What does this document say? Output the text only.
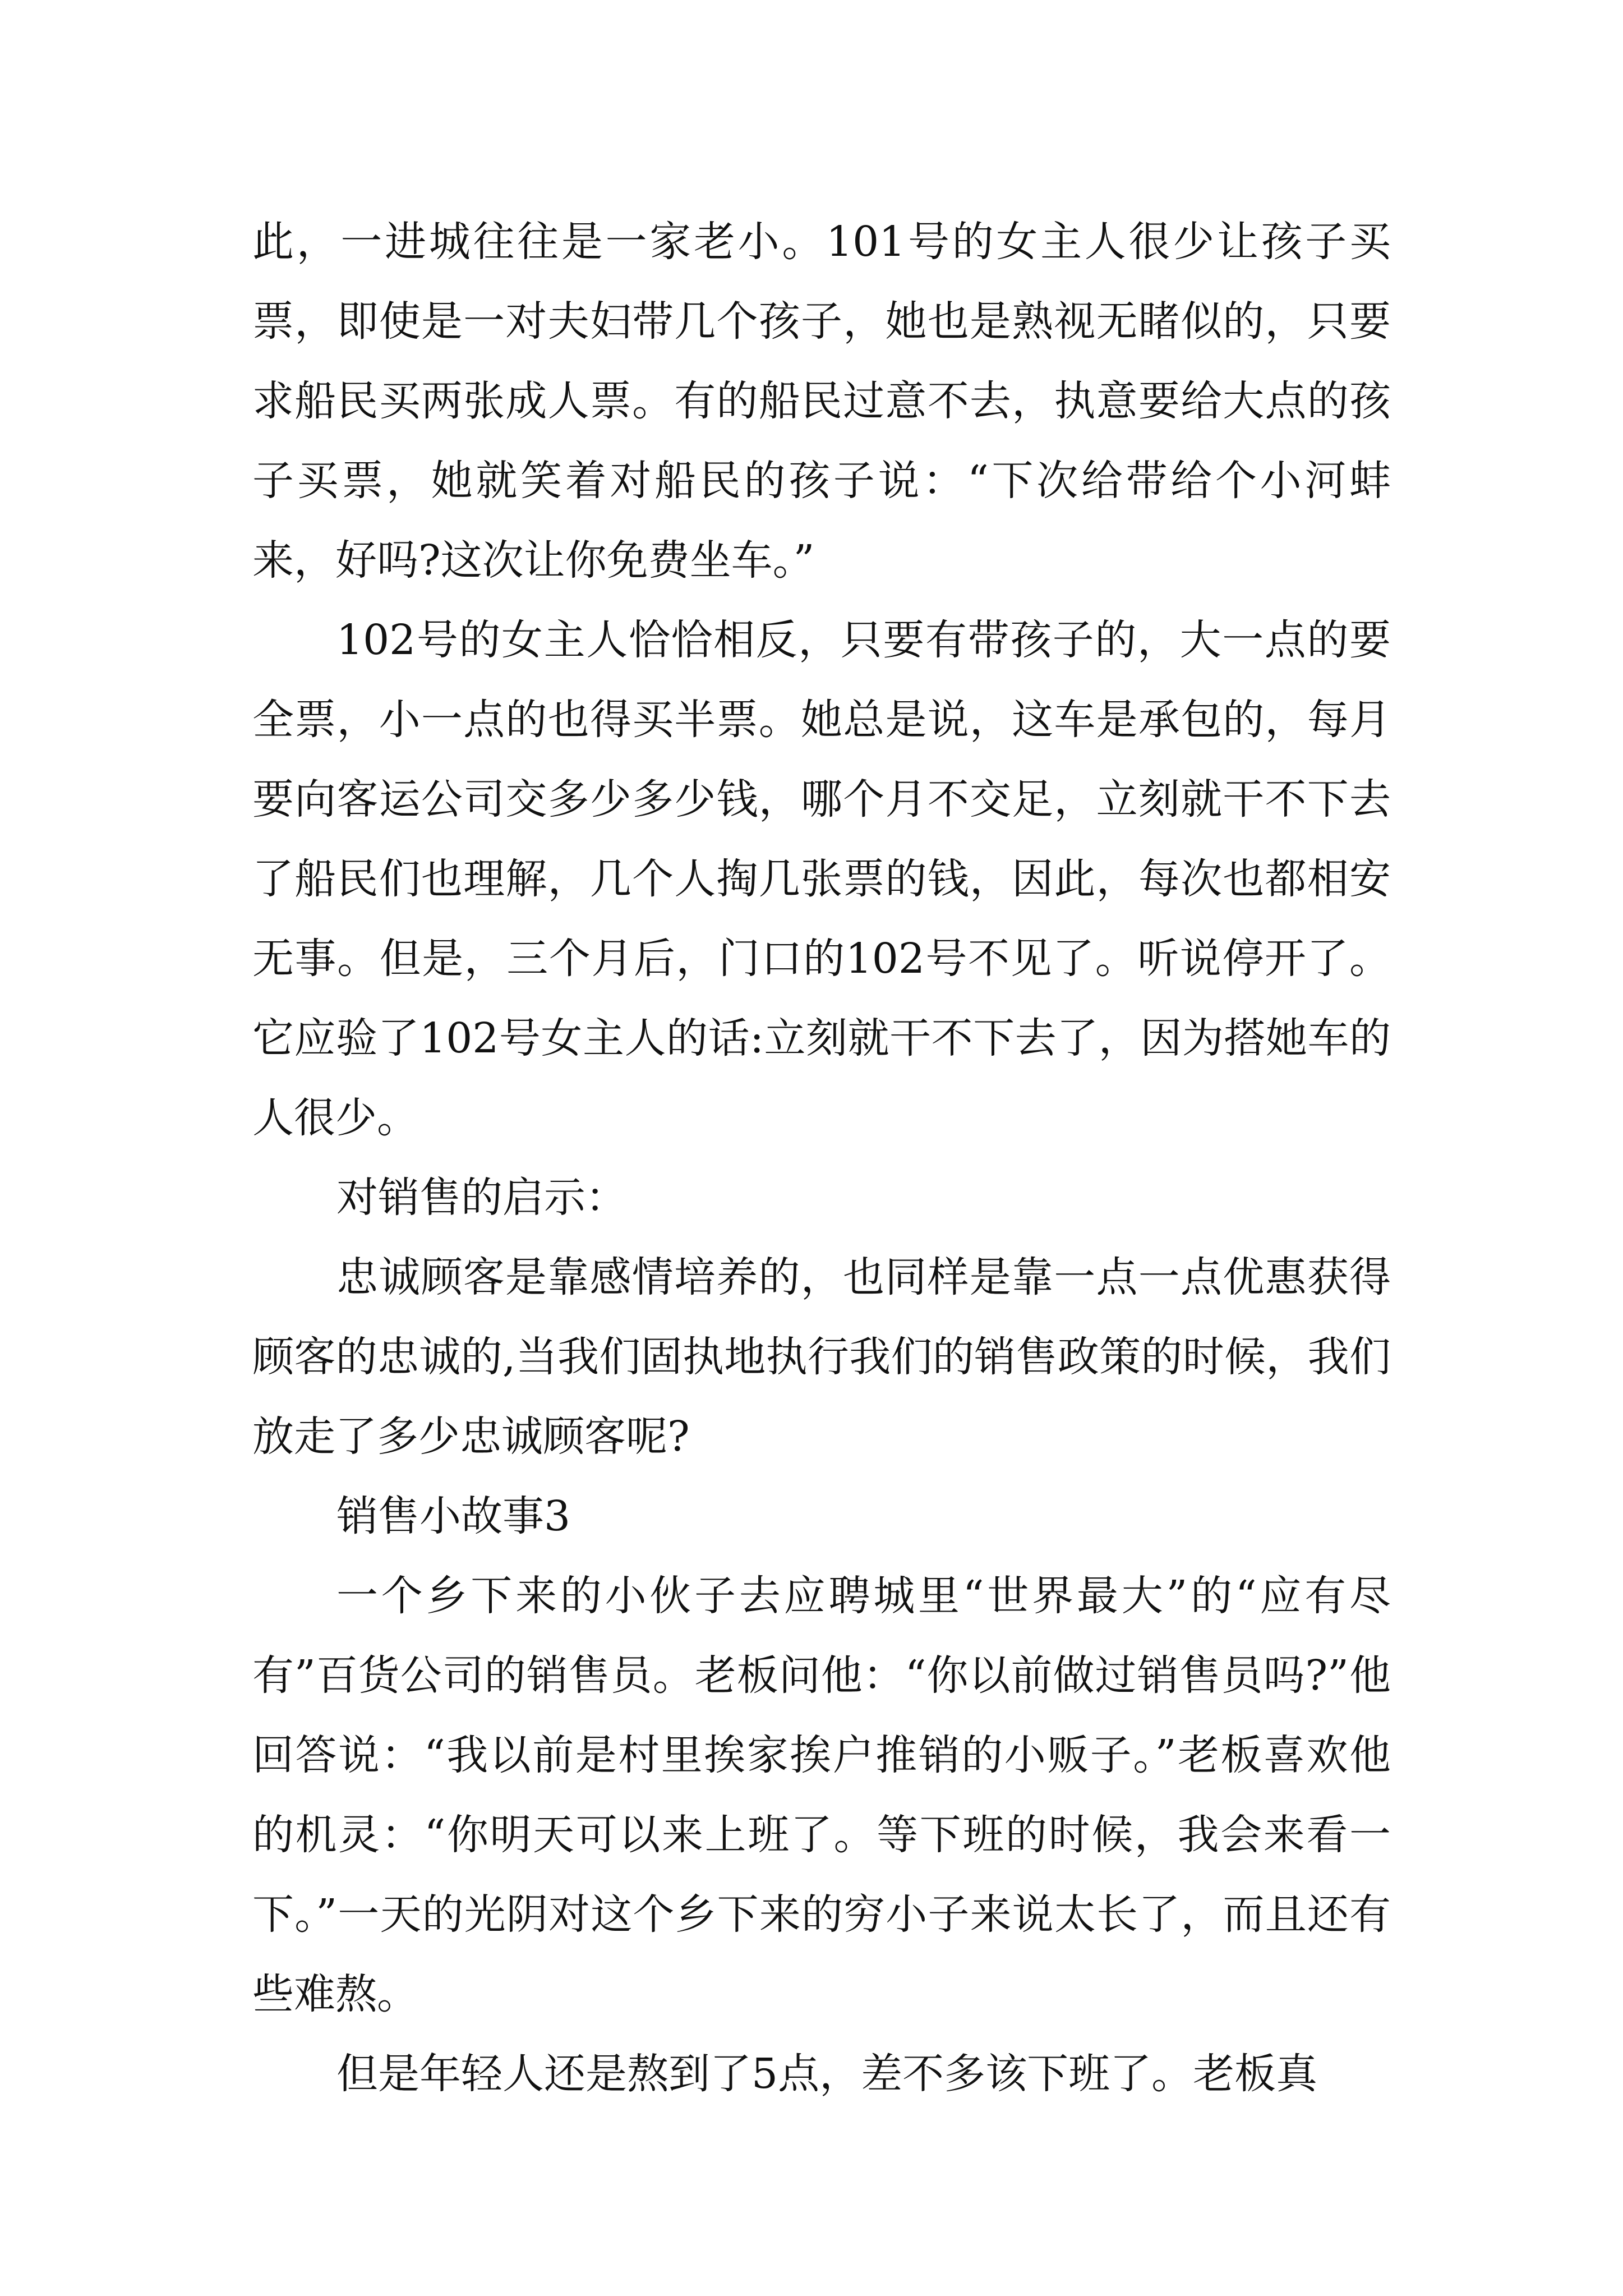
此，一进城往往是一家老小。101号的女主人很少让孩子买票，即使是一对夫妇带几个孩子，她也是熟视无睹似的，只要求船民买两张成人票。有的船民过意不去，执意要给大点的孩子买票，她就笑着对船民的孩子说：“下次给带给个小河蚌来，好吗?这次让你免费坐车。”

102号的女主人恰恰相反，只要有带孩子的，大一点的要全票，小一点的也得买半票。她总是说，这车是承包的，每月要向客运公司交多少多少钱，哪个月不交足，立刻就干不下去了船民们也理解，几个人掏几张票的钱，因此，每次也都相安无事。但是，三个月后，门口的102号不见了。听说停开了。它应验了102号女主人的话:立刻就干不下去了，因为搭她车的人很少。

对销售的启示：

忠诚顾客是靠感情培养的，也同样是靠一点一点优惠获得顾客的忠诚的,当我们固执地执行我们的销售政策的时候，我们放走了多少忠诚顾客呢?

销售小故事3

一个乡下来的小伙子去应聘城里“世界最大”的“应有尽有”百货公司的销售员。老板问他：“你以前做过销售员吗?”他回答说：“我以前是村里挨家挨户推销的小贩子。”老板喜欢他的机灵：“你明天可以来上班了。等下班的时候，我会来看一下。”一天的光阴对这个乡下来的穷小子来说太长了，而且还有些难熬。

但是年轻人还是熬到了5点，差不多该下班了。老板真
